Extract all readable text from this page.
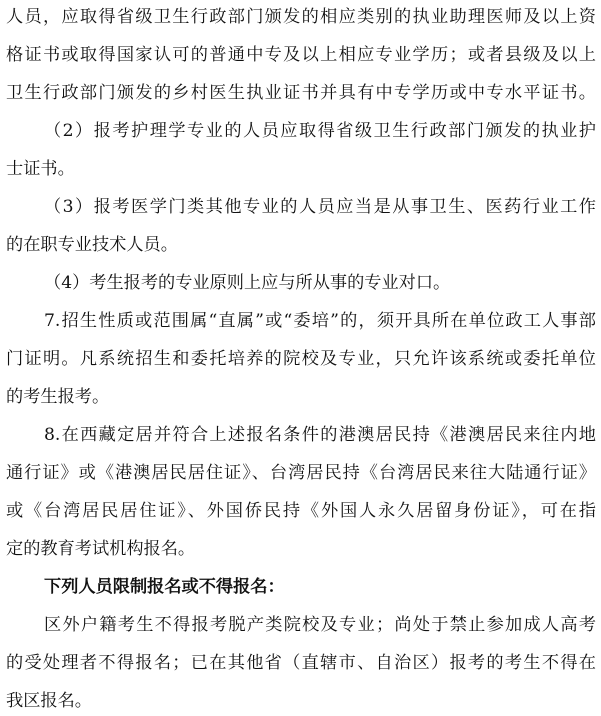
人员，应取得省级卫生行政部门颁发的相应类别的执业助理医师及以上资
格证书或取得国家认可的普通中专及以上相应专业学历；或者县级及以上
卫生行政部门颁发的乡村医生执业证书并具有中专学历或中专水平证书。
（2）报考护理学专业的人员应取得省级卫生行政部门颁发的执业护
士证书。
（3）报考医学门类其他专业的人员应当是从事卫生、医药行业工作
的在职专业技术人员。
（4）考生报考的专业原则上应与所从事的专业对口。
7.招生性质或范围属“直属”或“委培”的，须开具所在单位政工人事部
门证明。凡系统招生和委托培养的院校及专业，只允许该系统或委托单位
的考生报考。
8.在西藏定居并符合上述报名条件的港澳居民持《港澳居民来往内地
通行证》或《港澳居民居住证》、台湾居民持《台湾居民来往大陆通行证》
或《台湾居民居住证》、外国侨民持《外国人永久居留身份证》，可在指
定的教育考试机构报名。
下列人员限制报名或不得报名：
区外户籍考生不得报考脱产类院校及专业；尚处于禁止参加成人高考
的受处理者不得报名；已在其他省（直辖市、自治区）报考的考生不得在
我区报名。
